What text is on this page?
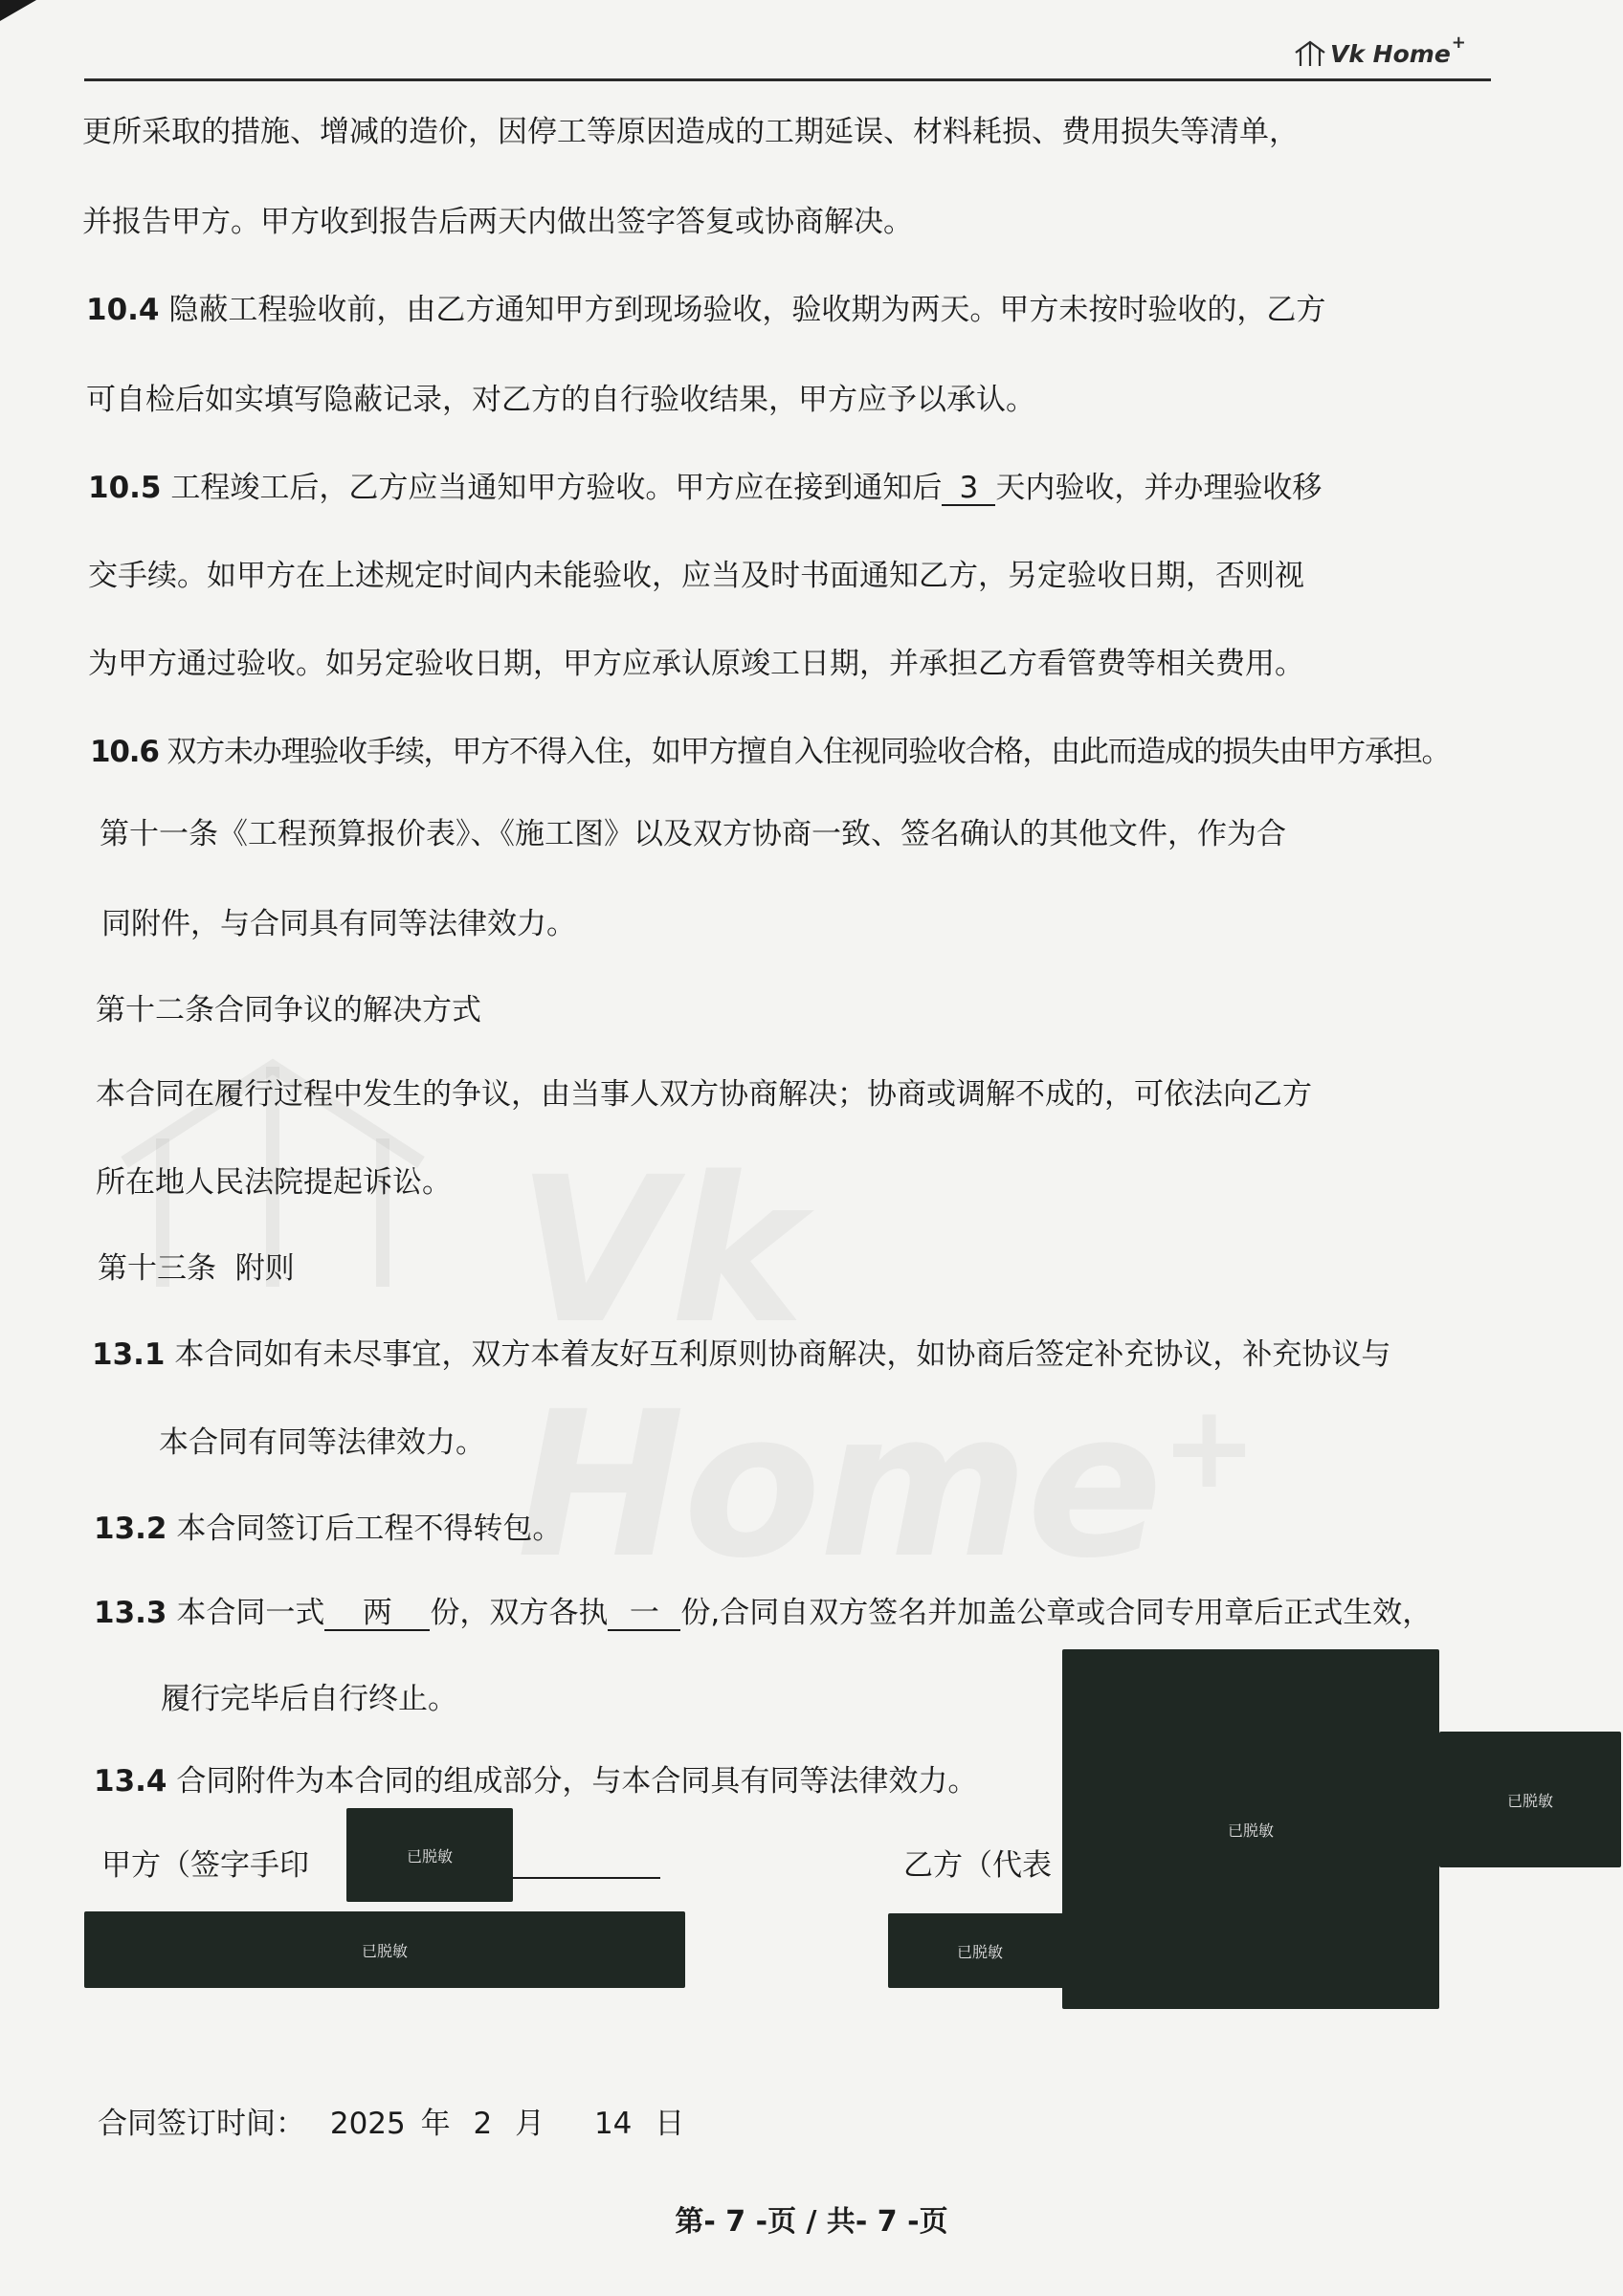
Vk Home +
Vk Home+
更所采取的措施、增减的造价，因停工等原因造成的工期延误、材料耗损、费用损失等清单，
并报告甲方。甲方收到报告后两天内做出签字答复或协商解决。
10.4 隐蔽工程验收前，由乙方通知甲方到现场验收，验收期为两天。甲方未按时验收的，乙方
可自检后如实填写隐蔽记录，对乙方的自行验收结果，甲方应予以承认。
10.5 工程竣工后，乙方应当通知甲方验收。甲方应在接到通知后 3 天内验收，并办理验收移
交手续。如甲方在上述规定时间内未能验收，应当及时书面通知乙方，另定验收日期，否则视
为甲方通过验收。如另定验收日期，甲方应承认原竣工日期，并承担乙方看管费等相关费用。
10.6 双方未办理验收手续，甲方不得入住，如甲方擅自入住视同验收合格，由此而造成的损失由甲方承担。
第十一条《工程预算报价表》、《施工图》以及双方协商一致、签名确认的其他文件，作为合
同附件，与合同具有同等法律效力。
第十二条合同争议的解决方式
本合同在履行过程中发生的争议，由当事人双方协商解决；协商或调解不成的，可依法向乙方
所在地人民法院提起诉讼。
第十三条  附则
13.1 本合同如有未尽事宜，双方本着友好互利原则协商解决，如协商后签定补充协议，补充协议与
本合同有同等法律效力。
13.2 本合同签订后工程不得转包。
13.3 本合同一式 两 份，双方各执 一 份,合同自双方签名并加盖公章或合同专用章后正式生效，
履行完毕后自行终止。
13.4 合同附件为本合同的组成部分，与本合同具有同等法律效力。
甲方（签字手印	乙方（代表
已脱敏
已脱敏	已脱敏
已脱敏
已脱敏
合同签订时间： 2025 年 2 月 14 日
第- 7 -页 / 共- 7 -页
